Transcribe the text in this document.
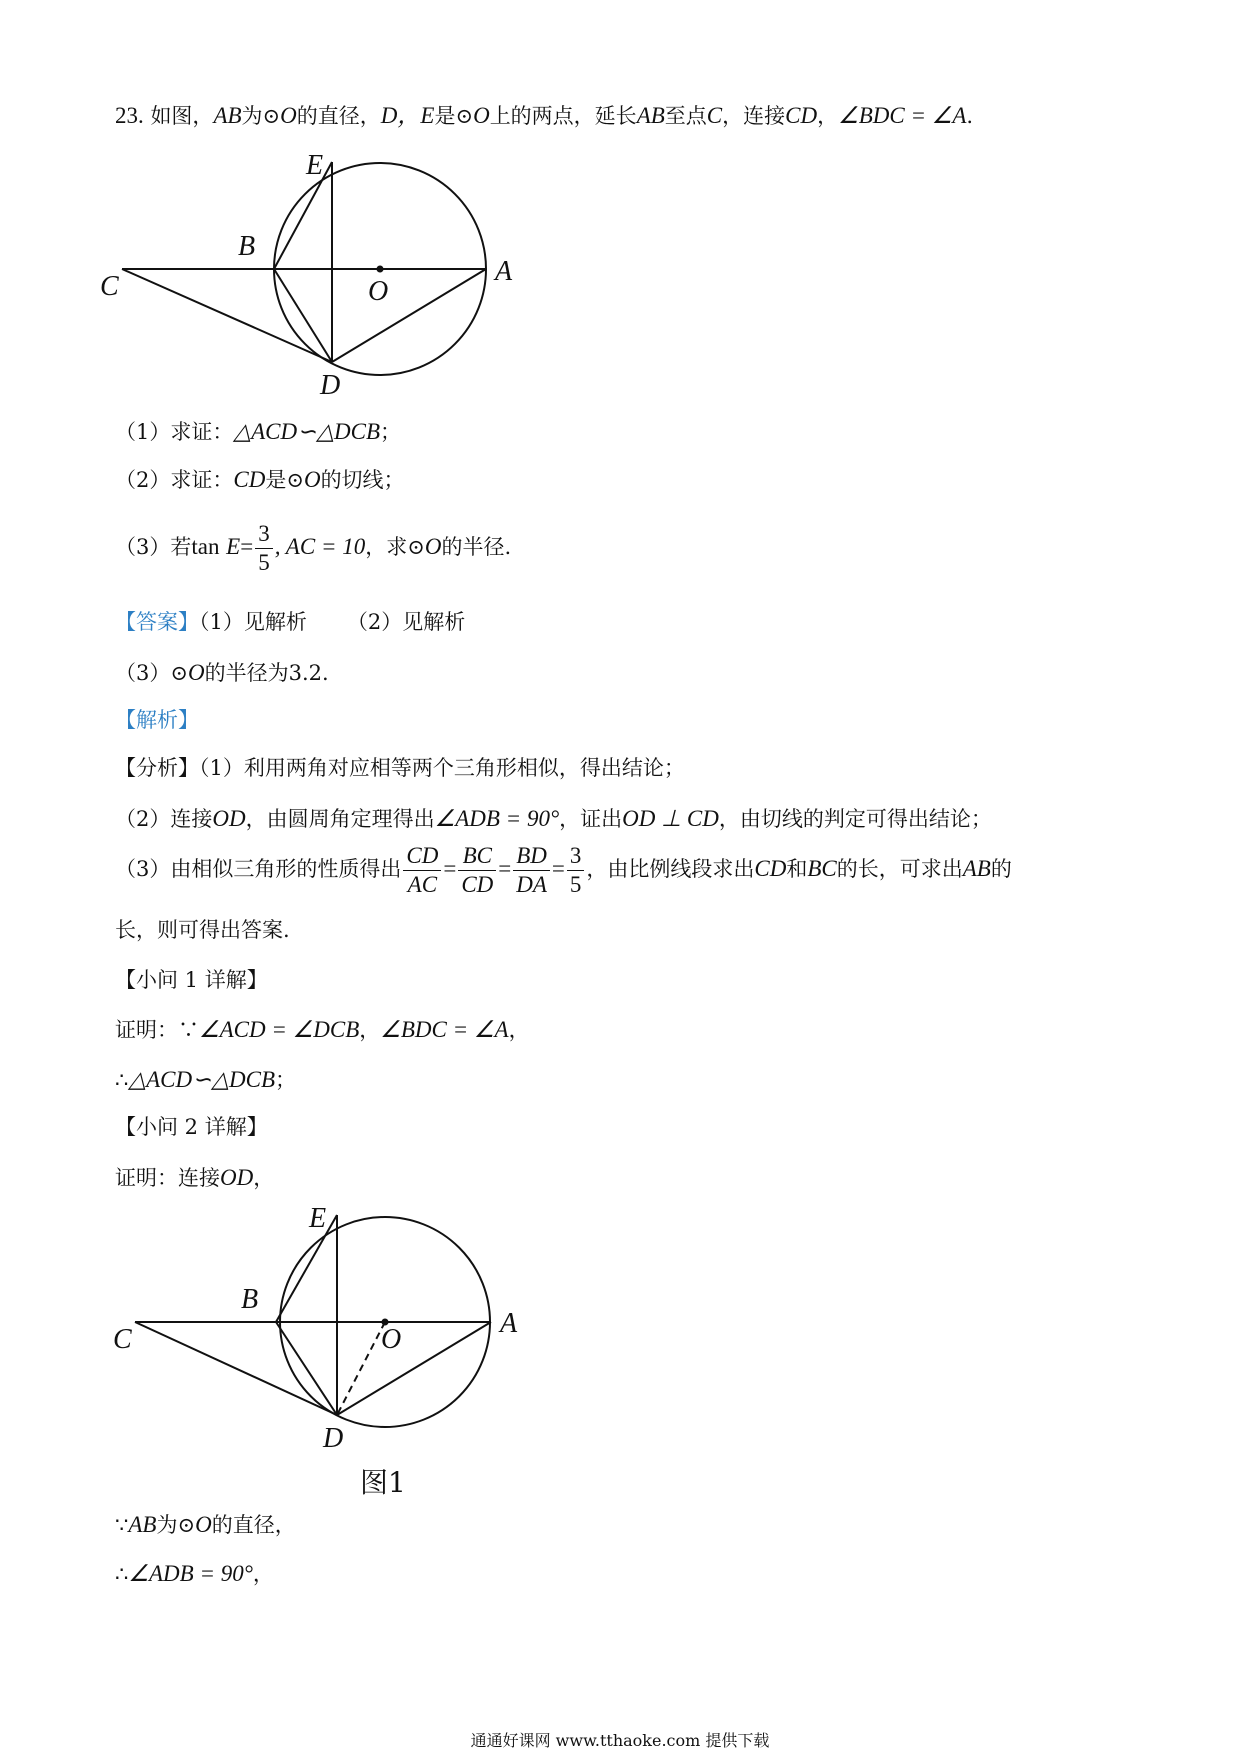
23. 如图，AB为⊙O的直径，D，E是⊙O上的两点，延长AB至点C，连接CD，∠BDC = ∠A.
E
B
C	O
A
D
（1）求证：△ACD∽△DCB；
（2）求证：CD是⊙O的切线；
（3）若$\tan E= \frac{3}{5}$ , AC = 10，求⊙O的半径.
【答案】（1）见解析 （2）见解析
（3）⊙O的半径为3.2.
【解析】
【分析】（1）利用两角对应相等两个三角形相似，得出结论；
（2）连接OD，由圆周角定理得出∠ADB = 90°，证出OD ⊥ CD，由切线的判定可得出结论；
（3）由相似三角形的性质得出 $\frac{CD}{AC} = \frac{BC}{CD} = \frac{BD}{DA} = \frac{3}{5}$ ，由比例线段求出CD和BC的长，可求出AB的
长，则可得出答案.
【小问 1 详解】
证明：∵∠ACD = ∠DCB，∠BDC = ∠A，
∴△ACD∽△DCB；
【小问 2 详解】
证明：连接OD，
E
B
C	O
A
D
图1
∵AB为⊙O的直径，
∴∠ADB = 90°，
通通好课网 www.tthaoke.com 提供下载
